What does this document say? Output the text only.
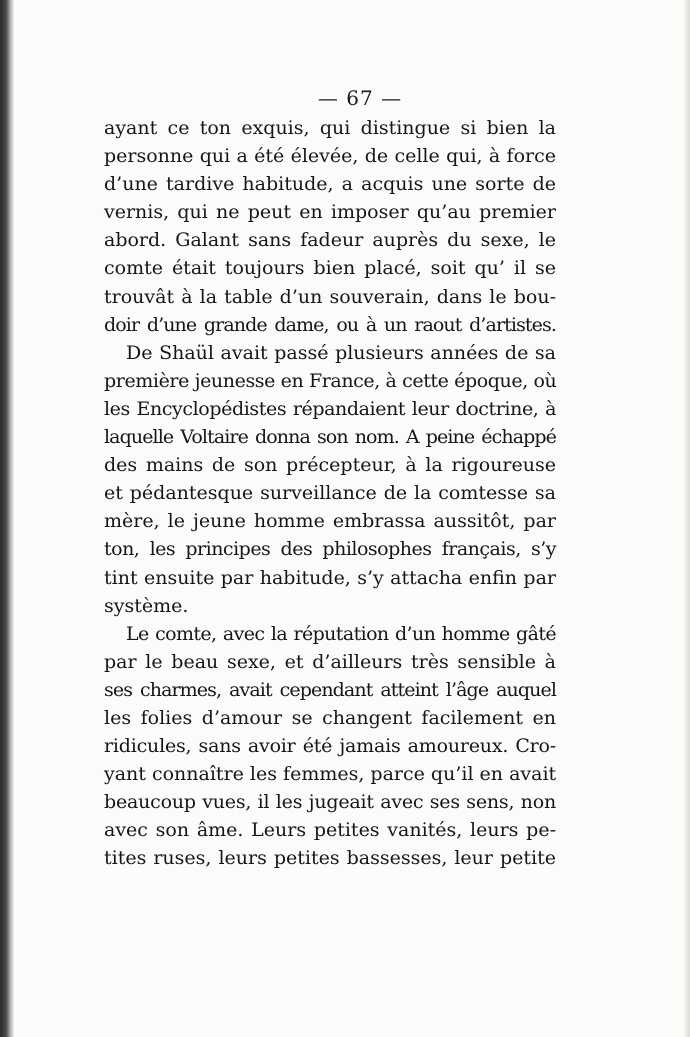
— 67 —
ayant ce ton exquis, qui distingue si bien la
personne qui a été élevée, de celle qui, à force
d’une tardive habitude, a acquis une sorte de
vernis, qui ne peut en imposer qu’au premier
abord. Galant sans fadeur auprès du sexe, le
comte était toujours bien placé, soit qu’ il se
trouvât à la table d’un souverain, dans le bou-
doir d’une grande dame, ou à un raout d’artistes.
De Shaül avait passé plusieurs années de sa
première jeunesse en France, à cette époque, où
les Encyclopédistes répandaient leur doctrine, à
laquelle Voltaire donna son nom. A peine échappé
des mains de son précepteur, à la rigoureuse
et pédantesque surveillance de la comtesse sa
mère, le jeune homme embrassa aussitôt, par
ton, les principes des philosophes français, s’y
tint ensuite par habitude, s’y attacha enfin par
système.
Le comte, avec la réputation d’un homme gâté
par le beau sexe, et d’ailleurs très sensible à
ses charmes, avait cependant atteint l’âge auquel
les folies d’amour se changent facilement en
ridicules, sans avoir été jamais amoureux. Cro-
yant connaître les femmes, parce qu’il en avait
beaucoup vues, il les jugeait avec ses sens, non
avec son âme. Leurs petites vanités, leurs pe-
tites ruses, leurs petites bassesses, leur petite
